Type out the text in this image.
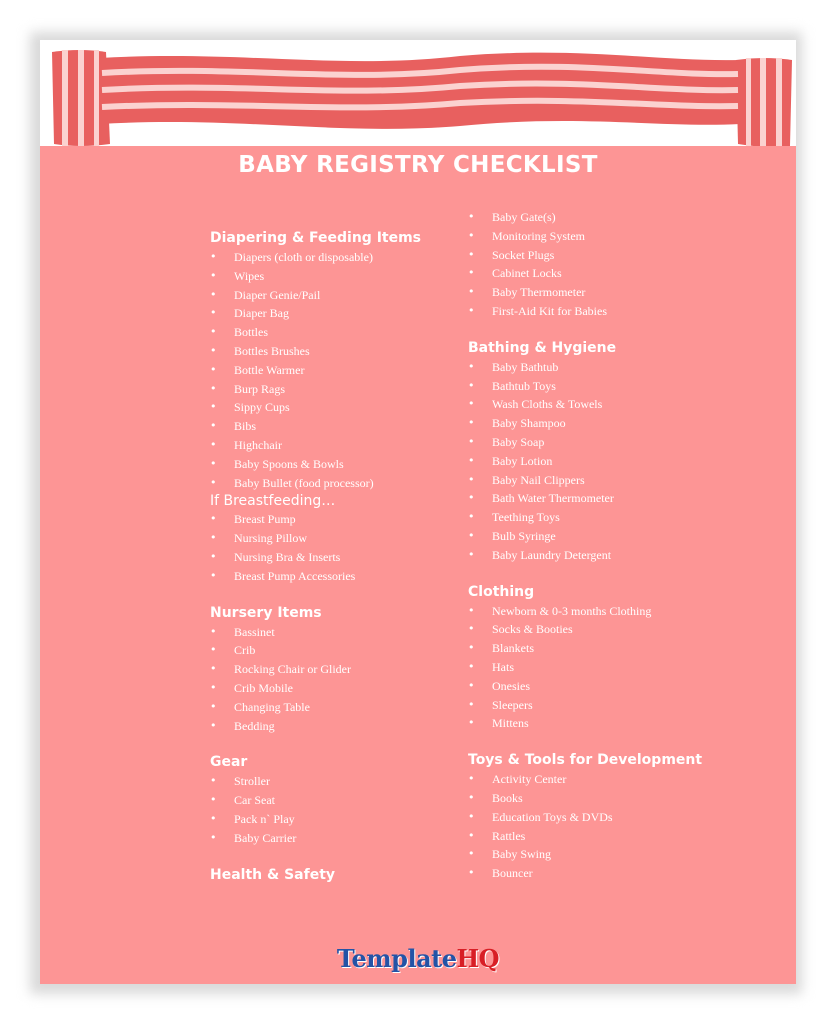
BABY REGISTRY CHECKLIST
Diapering & Feeding Items
• Diapers (cloth or disposable)
• Wipes
• Diaper Genie/Pail
• Diaper Bag
• Bottles
• Bottles Brushes
• Bottle Warmer
• Burp Rags
• Sippy Cups
• Bibs
• Highchair
• Baby Spoons & Bowls
• Baby Bullet (food processor)
If Breastfeeding…
• Breast Pump
• Nursing Pillow
• Nursing Bra & Inserts
• Breast Pump Accessories
Nursery Items
• Bassinet
• Crib
• Rocking Chair or Glider
• Crib Mobile
• Changing Table
• Bedding
Gear
• Stroller
• Car Seat
• Pack n` Play
• Baby Carrier
Health & Safety
• Baby Gate(s)
• Monitoring System
• Socket Plugs
• Cabinet Locks
• Baby Thermometer
• First-Aid Kit for Babies
Bathing & Hygiene
• Baby Bathtub
• Bathtub Toys
• Wash Cloths & Towels
• Baby Shampoo
• Baby Soap
• Baby Lotion
• Baby Nail Clippers
• Bath Water Thermometer
• Teething Toys
• Bulb Syringe
• Baby Laundry Detergent
Clothing
• Newborn & 0-3 months Clothing
• Socks & Booties
• Blankets
• Hats
• Onesies
• Sleepers
• Mittens
Toys & Tools for Development
• Activity Center
• Books
• Education Toys & DVDs
• Rattles
• Baby Swing
• Bouncer
TemplateHQ
